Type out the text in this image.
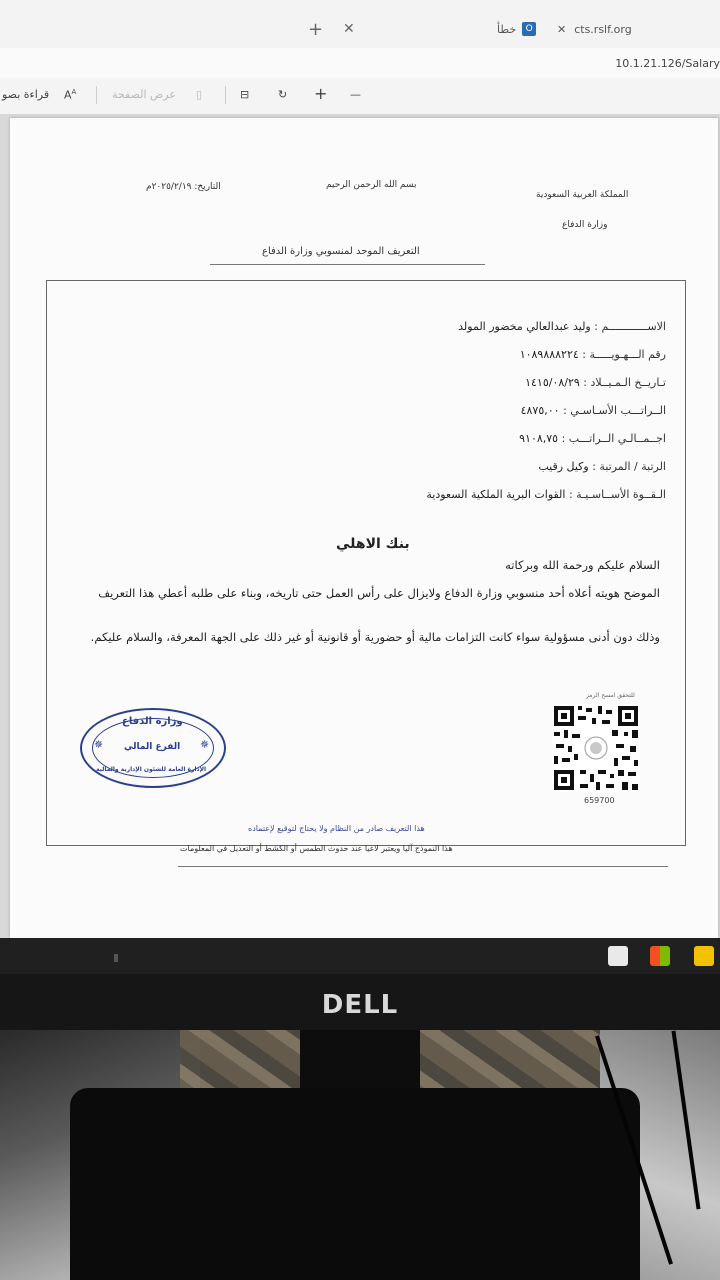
+ ✕	خطأ	O	✕ cts.rslf.org
10.1.21.126/Salary
قراءة بصو $A^A$	عرض الصفحة ▯	⊟	↻ + —
المملكة العربية السعودية
وزارة الدفاع
بسم الله الرحمن الرحيم
التاريخ: ٢٠٢٥/٢/١٩م
التعريف الموحد لمنسوبي وزارة الدفاع
الاســــــــــــم : وليد عبدالعالي مخضور المولد
رقم الـــهـويـــــة : ١٠٨٩٨٨٨٢٢٤
تـاريــخ الـمـيــلاد : ١٤١٥/٠٨/٢٩
الــراتـــب الأسـاسـي : ٤٨٧٥,٠٠
اجــمــالـي الــراتـــب : ٩١٠٨,٧٥
الرتبة / المرتبة : وكيل رقيب
الـقــوة الأســاسـيـة : القوات البرية الملكية السعودية
بنك الاهلي
السلام عليكم ورحمة الله وبركاته
الموضح هويته أعلاه أحد منسوبي وزارة الدفاع ولايزال على رأس العمل حتى تاريخه، وبناء على طلبه أعطي هذا التعريف
وذلك دون أدنى مسؤولية سواء كانت التزامات مالية أو حضورية أو قانونية أو غير ذلك على الجهة المعرفة، والسلام عليكم.
للتحقق امسح الرمز
659700
وزارة الدفاع
الفرع المالي
الإدارة العامة للشئون الإدارية والمالية
✵	✵
هذا التعريف صادر من النظام ولا يحتاج لتوقيع لإعتماده
هذا النموذج آليا ويعتبر لاغيا عند حدوث الطمس أو الكشط أو التعديل في المعلومات
DELL
